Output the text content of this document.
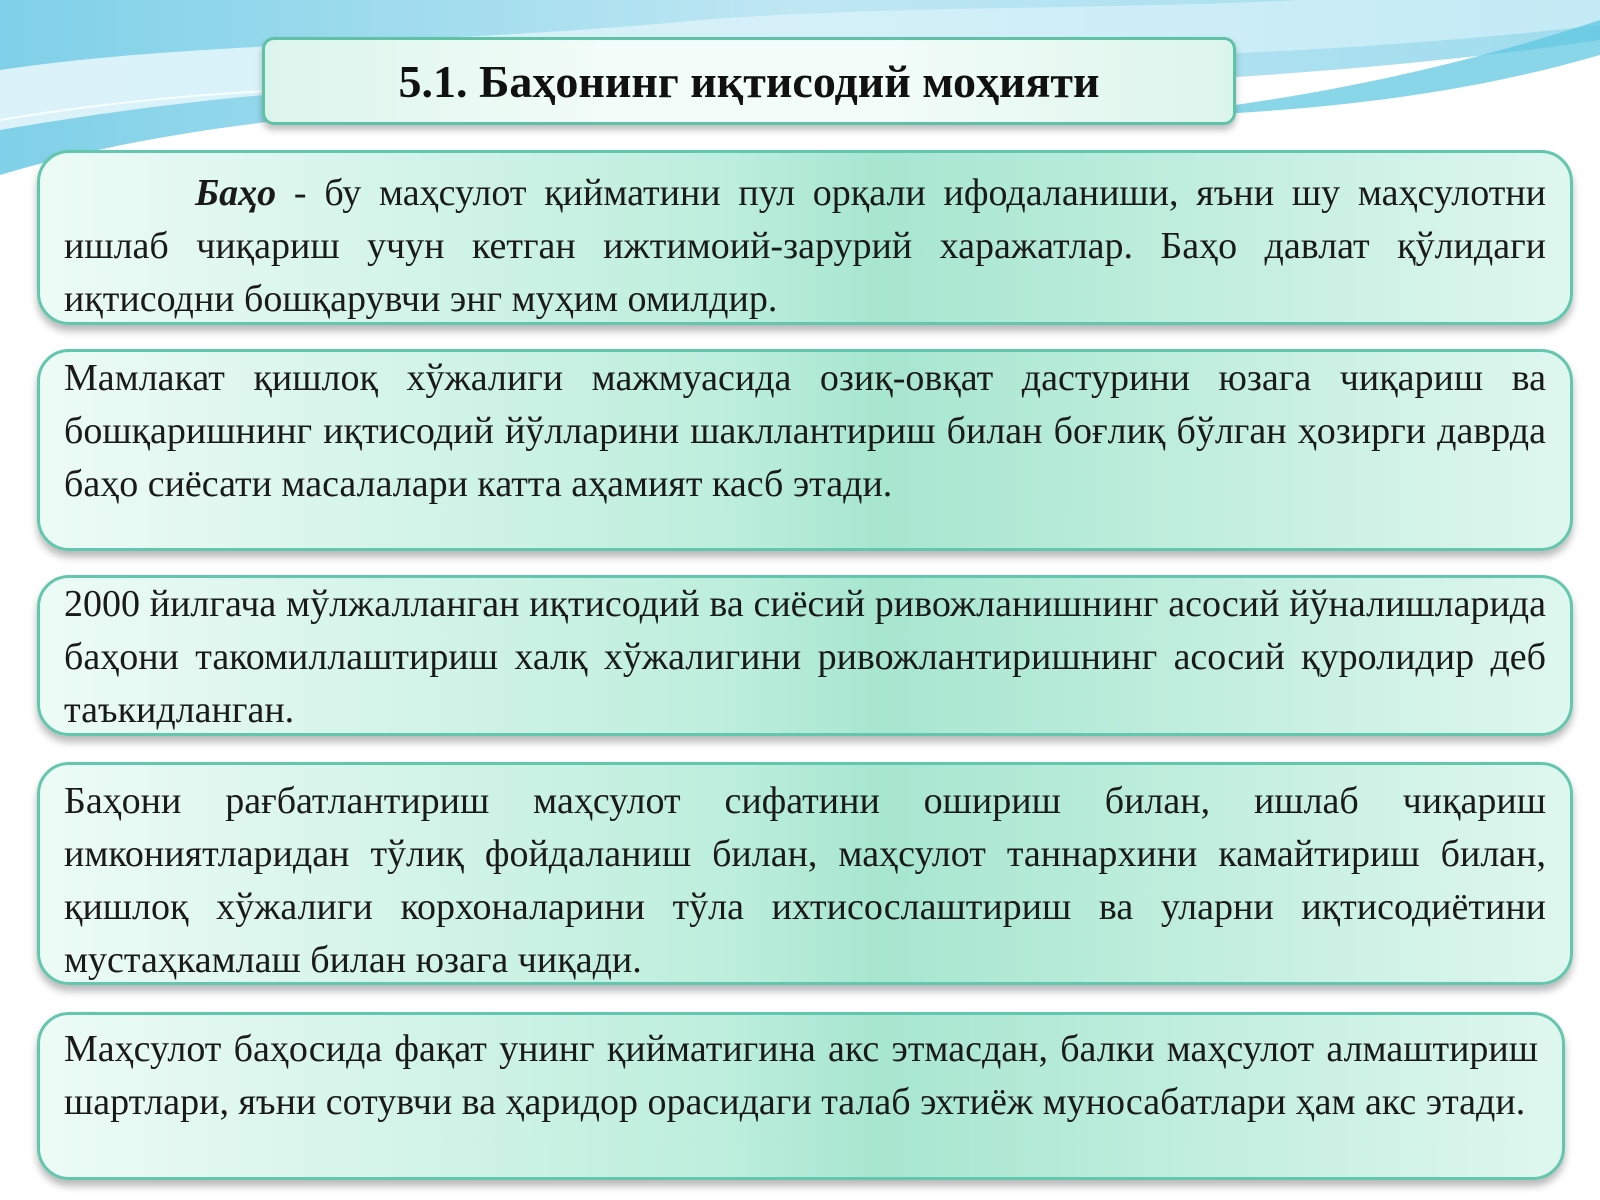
5.1. Баҳонинг иқтисодий моҳияти

Баҳо - бу маҳсулот қийматини пул орқали ифодаланиши, яъни шу маҳсулотни ишлаб чиқариш учун кетган ижтимоий-зарурий харажатлар. Баҳо давлат қўлидаги иқтисодни бошқарувчи энг муҳим омилдир.

Мамлакат қишлоқ хўжалиги мажмуасида озиқ-овқат дастурини юзага чиқариш ва бошқаришнинг иқтисодий йўлларини шакллантириш билан боғлиқ бўлган ҳозирги даврда баҳо сиёсати масалалари катта аҳамият касб этади.

2000 йилгача мўлжалланган иқтисодий ва сиёсий ривожланишнинг асосий йўналишларида баҳони такомиллаштириш халқ хўжалигини ривожлантиришнинг асосий қуролидир деб таъкидланган.

Баҳони рағбатлантириш маҳсулот сифатини ошириш билан, ишлаб чиқариш имкониятларидан тўлиқ фойдаланиш билан, маҳсулот таннархини камайтириш билан, қишлоқ хўжалиги корхоналарини тўла ихтисослаштириш ва уларни иқтисодиётини мустаҳкамлаш билан юзага чиқади.

Маҳсулот баҳосида фақат унинг қийматигина акс этмасдан, балки маҳсулот алмаштириш шартлари, яъни сотувчи ва ҳаридор орасидаги талаб эхтиёж муносабатлари ҳам акс этади.
